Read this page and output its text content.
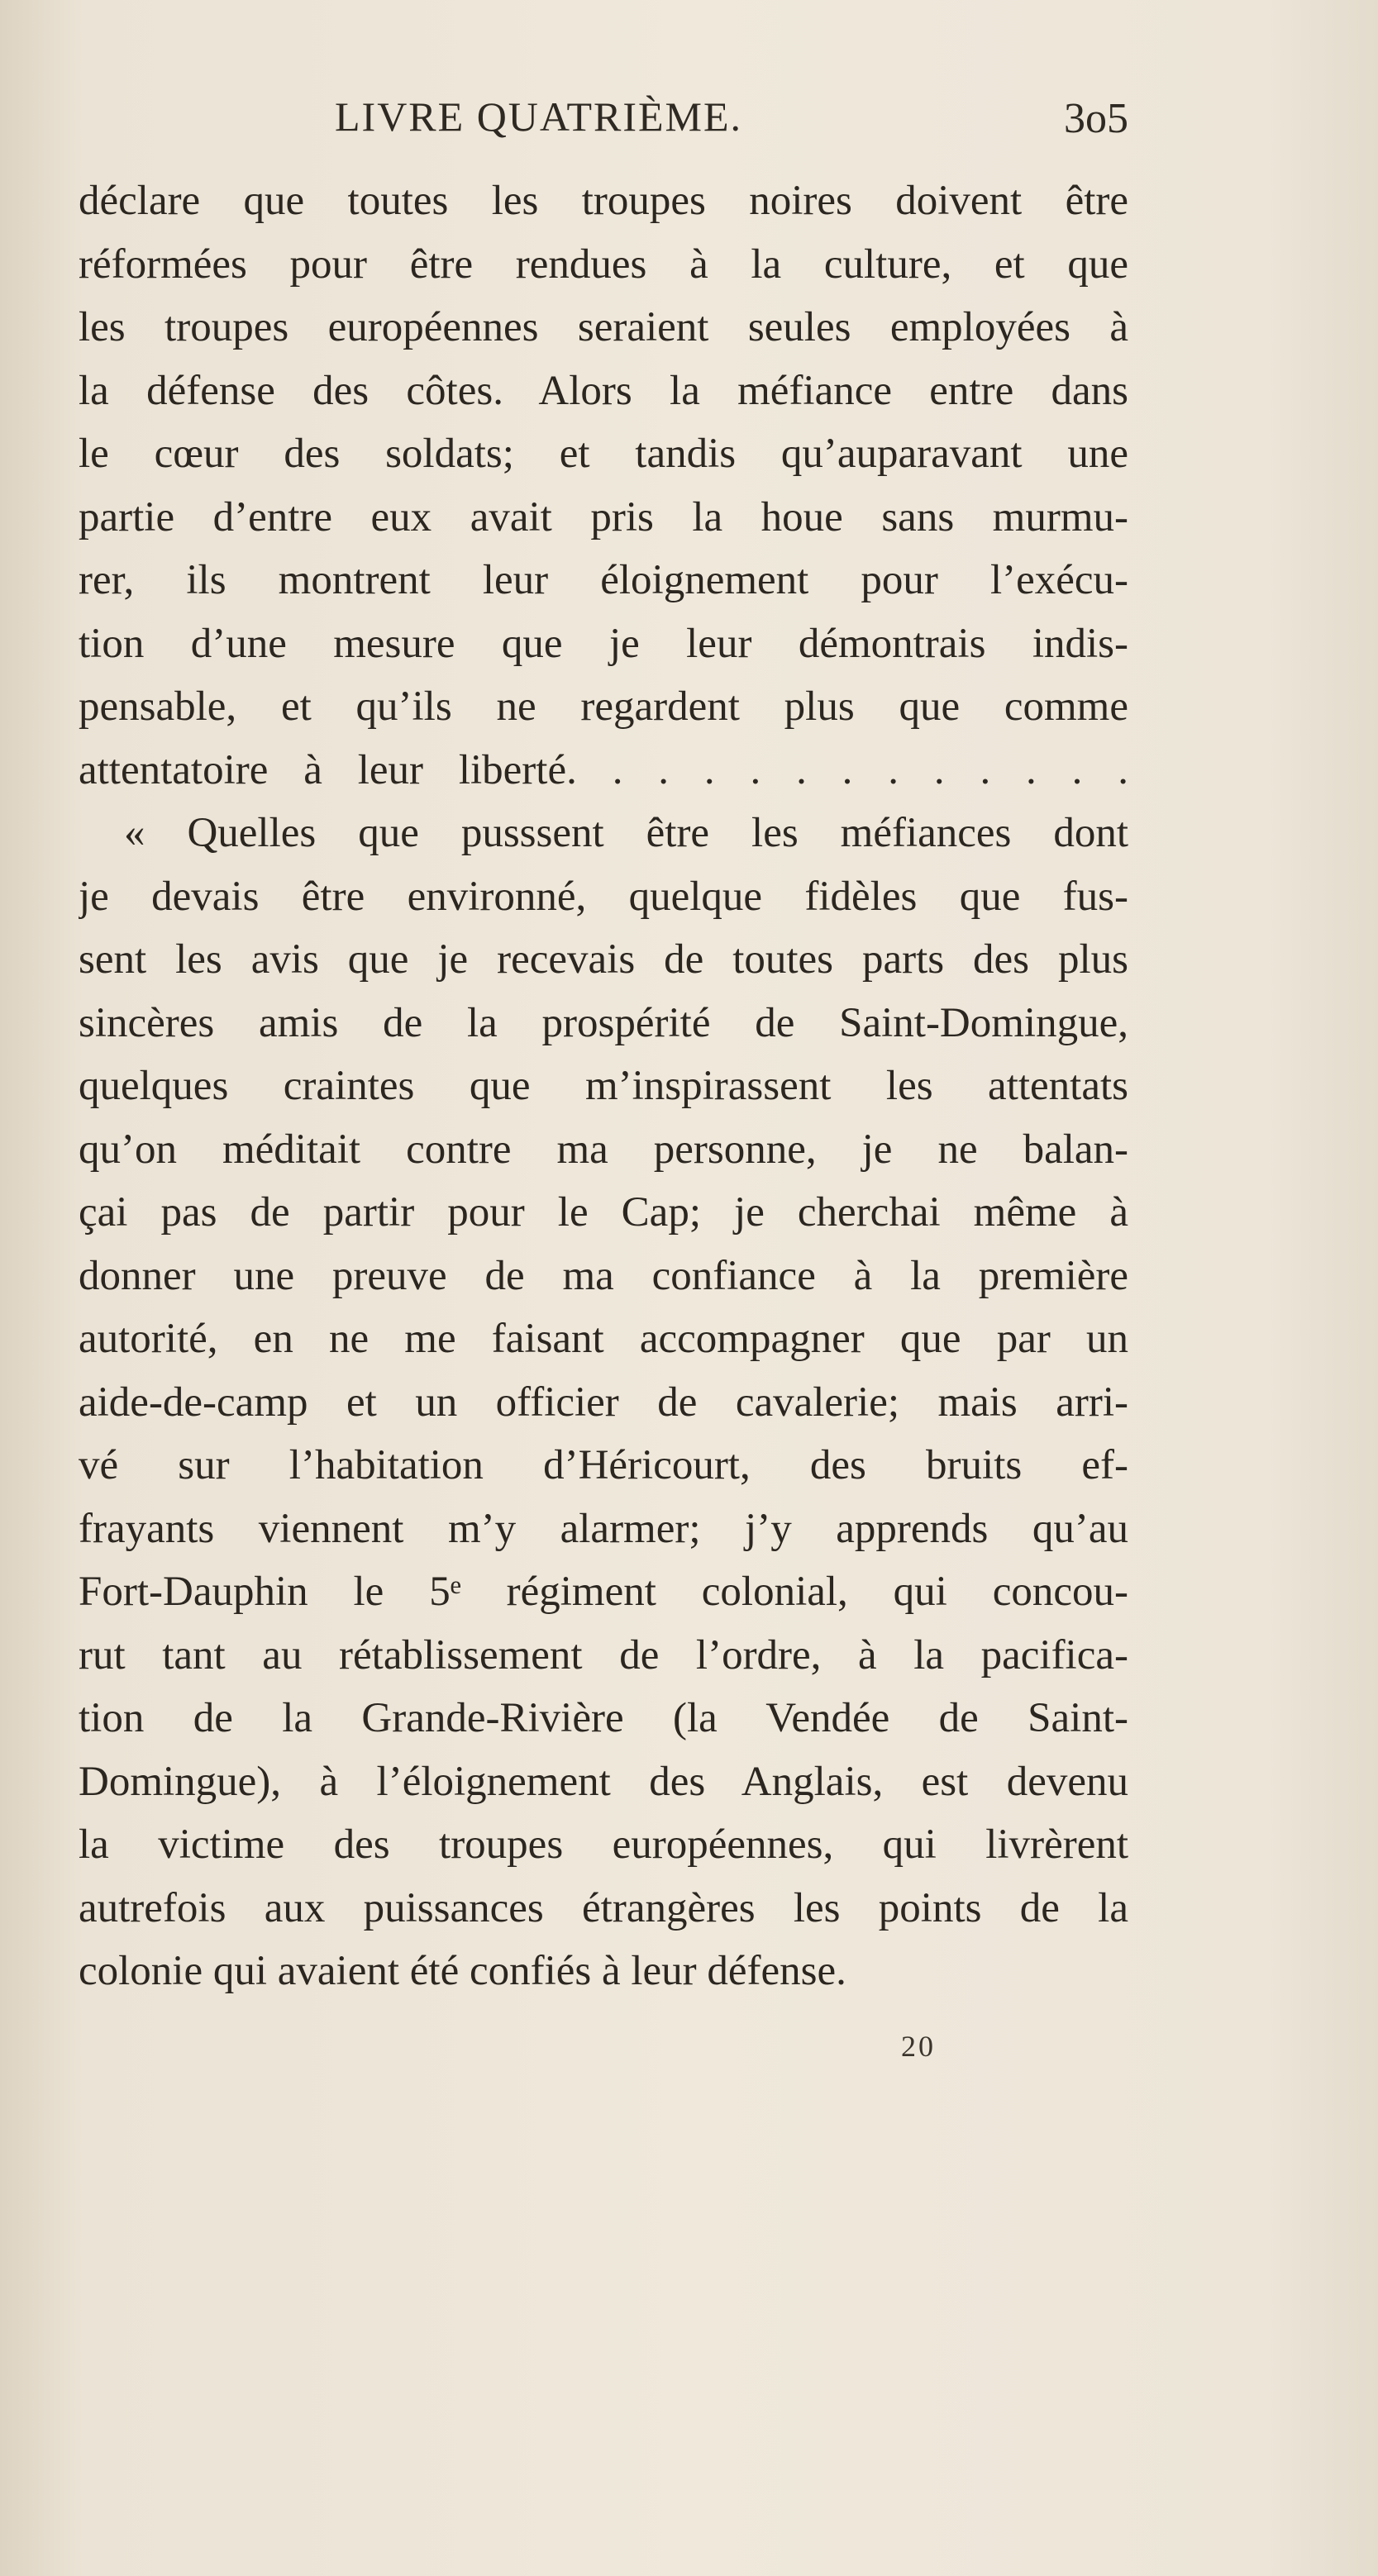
LIVRE QUATRIÈME.	3o5
déclare que toutes les troupes noires doivent être
réformées pour être rendues à la culture, et que
les troupes européennes seraient seules employées à
la défense des côtes. Alors la méfiance entre dans
le cœur des soldats; et tandis qu’auparavant une
partie d’entre eux avait pris la houe sans murmu-
rer, ils montrent leur éloignement pour l’exécu-
tion d’une mesure que je leur démontrais indis-
pensable, et qu’ils ne regardent plus que comme
attentatoire à leur liberté. . . . . . . . . . . . .
« Quelles que pusssent être les méfiances dont
je devais être environné, quelque fidèles que fus-
sent les avis que je recevais de toutes parts des plus
sincères amis de la prospérité de Saint-Domingue,
quelques craintes que m’inspirassent les attentats
qu’on méditait contre ma personne, je ne balan-
çai pas de partir pour le Cap; je cherchai même à
donner une preuve de ma confiance à la première
autorité, en ne me faisant accompagner que par un
aide-de-camp et un officier de cavalerie; mais arri-
vé sur l’habitation d’Héricourt, des bruits ef-
frayants viennent m’y alarmer; j’y apprends qu’au
Fort-Dauphin le 5ᵉ régiment colonial, qui concou-
rut tant au rétablissement de l’ordre, à la pacifica-
tion de la Grande-Rivière (la Vendée de Saint-
Domingue), à l’éloignement des Anglais, est devenu
la victime des troupes européennes, qui livrèrent
autrefois aux puissances étrangères les points de la
colonie qui avaient été confiés à leur défense.
20
